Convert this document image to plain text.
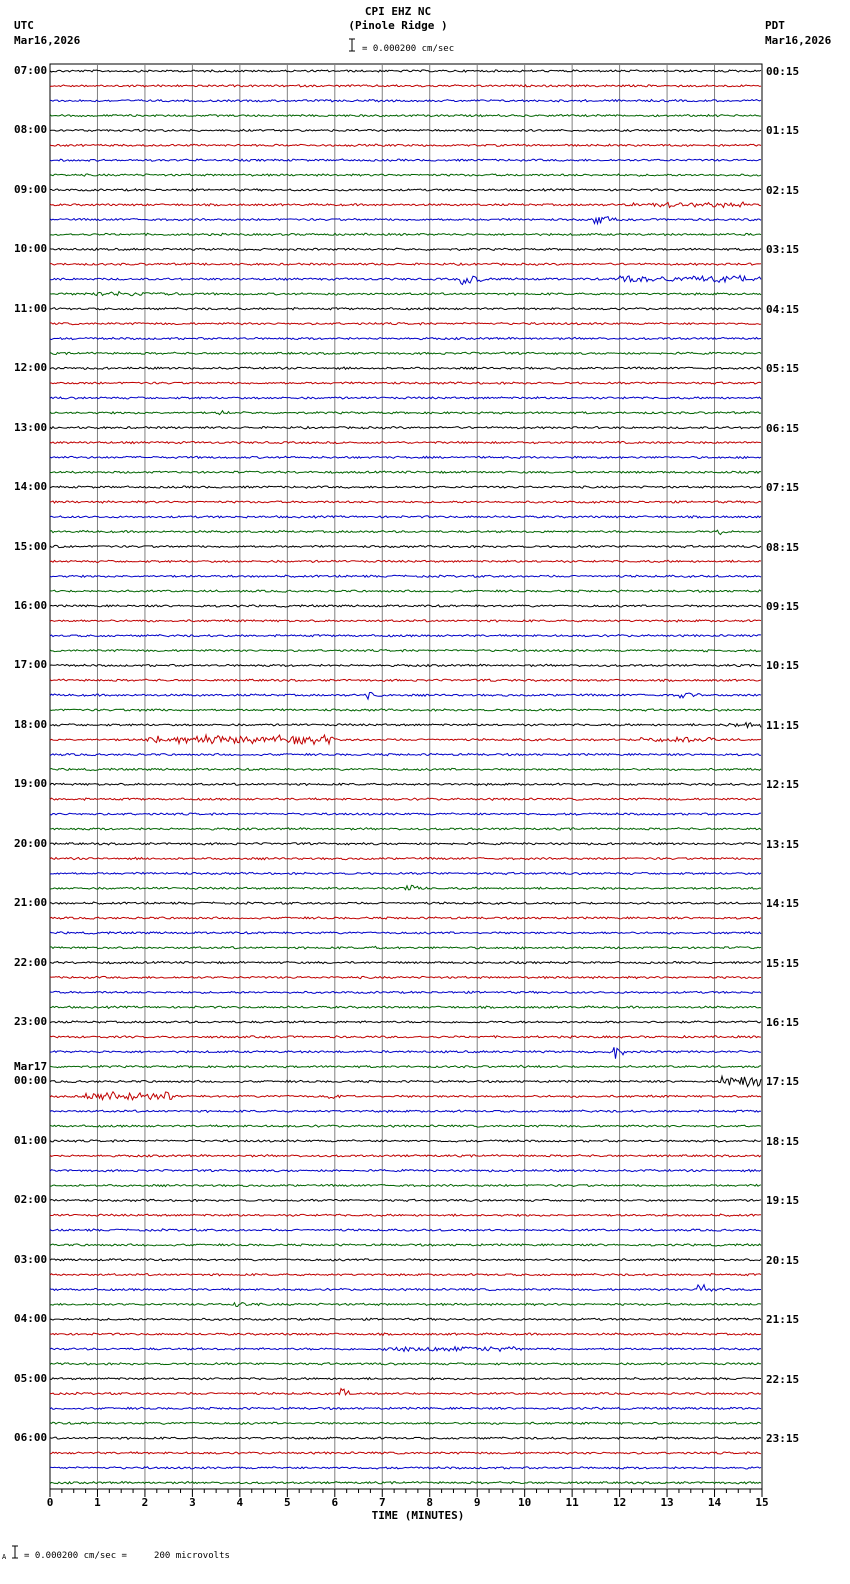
CPI EHZ NC
(Pinole Ridge )
= 0.000200 cm/sec
UTC
Mar16,2026
PDT
Mar16,2026
0	1	2	3	4	5	6	7	8	9	10	11	12	13	14	15
TIME (MINUTES)
07:00
08:00
09:00
10:00
11:00
12:00
13:00
14:00
15:00
16:00
17:00
18:00
19:00
20:00
21:00
22:00
23:00
00:00
Mar17
01:00
02:00
03:00
04:00
05:00
06:00
00:15
01:15
02:15
03:15
04:15
05:15
06:15
07:15
08:15
09:15
10:15
11:15
12:15
13:15
14:15
15:15
16:15
17:15
18:15
19:15
20:15
21:15
22:15
23:15
A = 0.000200 cm/sec =     200 microvolts
